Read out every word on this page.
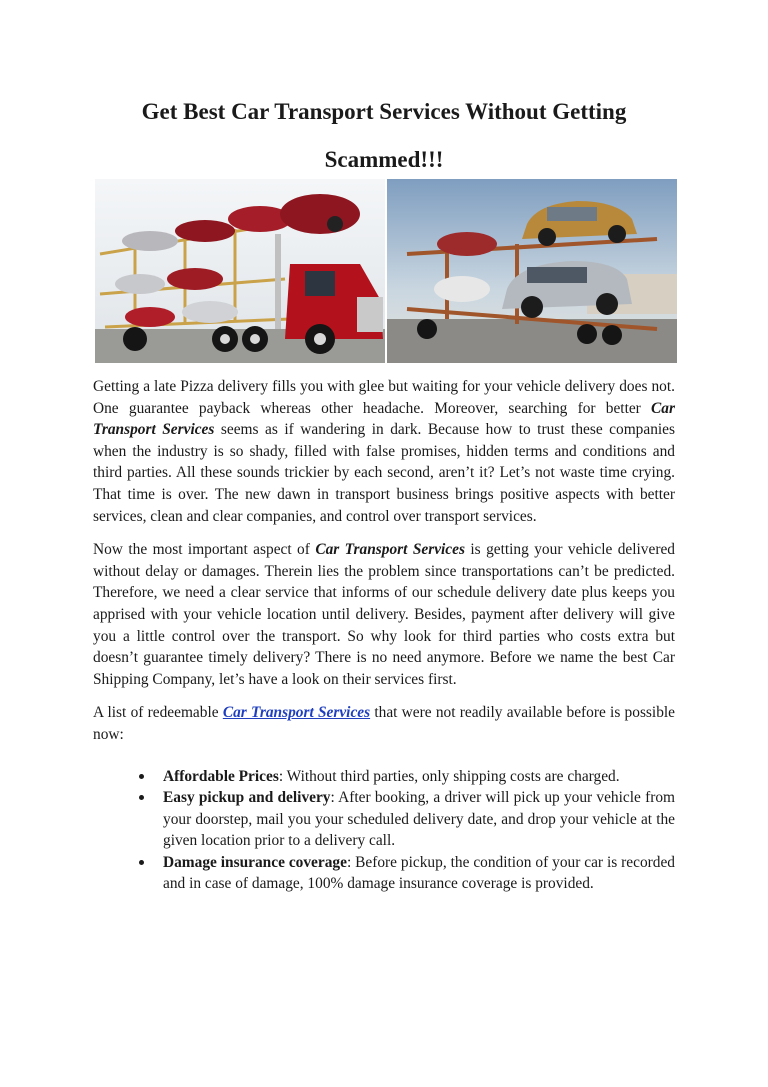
Get Best Car Transport Services Without Getting Scammed!!!

Getting a late Pizza delivery fills you with glee but waiting for your vehicle delivery does not. One guarantee payback whereas other headache. Moreover, searching for better Car Transport Services seems as if wandering in dark. Because how to trust these companies when the industry is so shady, filled with false promises, hidden terms and conditions and third parties. All these sounds trickier by each second, aren’t it? Let’s not waste time crying. That time is over. The new dawn in transport business brings positive aspects with better services, clean and clear companies, and control over transport services.

Now the most important aspect of Car Transport Services is getting your vehicle delivered without delay or damages. Therein lies the problem since transportations can’t be predicted. Therefore, we need a clear service that informs of our schedule delivery date plus keeps you apprised with your vehicle location until delivery. Besides, payment after delivery will give you a little control over the transport. So why look for third parties who costs extra but doesn’t guarantee timely delivery? There is no need anymore. Before we name the best Car Shipping Company, let’s have a look on their services first.

A list of redeemable Car Transport Services that were not readily available before is possible now:

Affordable Prices: Without third parties, only shipping costs are charged.
Easy pickup and delivery: After booking, a driver will pick up your vehicle from your doorstep, mail you your scheduled delivery date, and drop your vehicle at the given location prior to a delivery call.
Damage insurance coverage: Before pickup, the condition of your car is recorded and in case of damage, 100% damage insurance coverage is provided.
